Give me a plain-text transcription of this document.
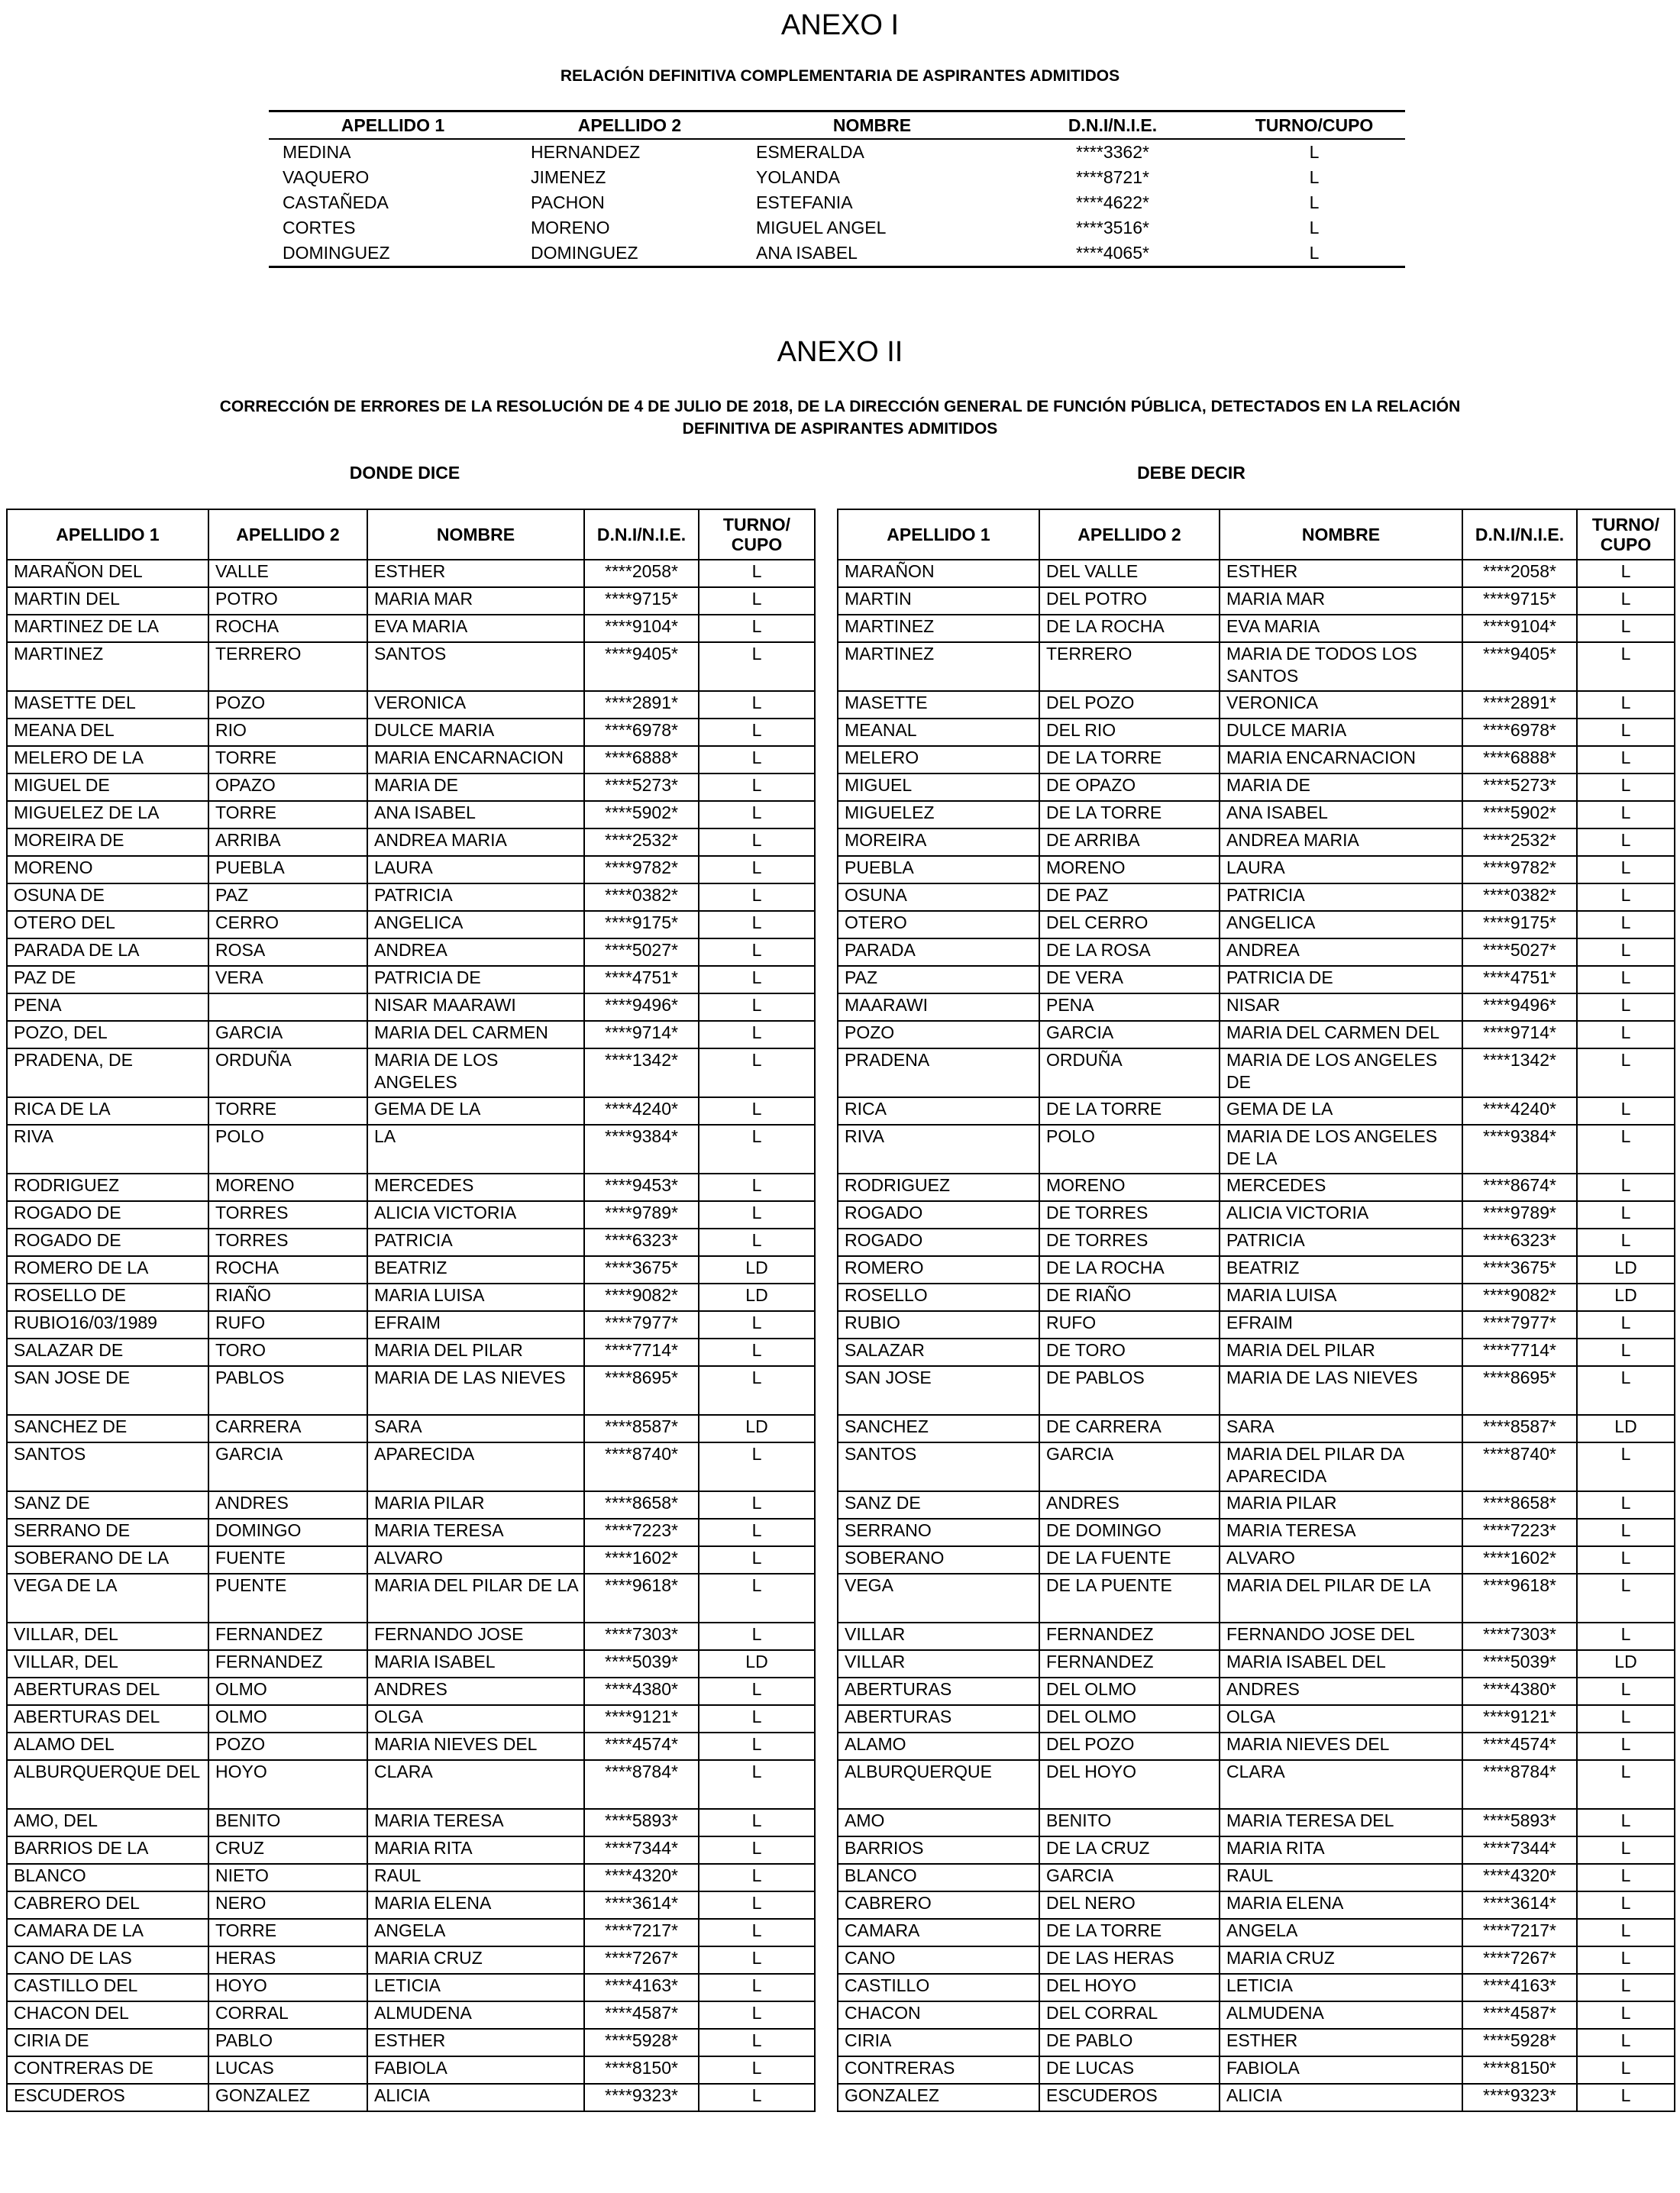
ANEXO I
RELACIÓN DEFINITIVA COMPLEMENTARIA DE ASPIRANTES ADMITIDOS
APELLIDO 1	APELLIDO 2	NOMBRE	D.N.I/N.I.E.	TURNO/CUPO
MEDINA	HERNANDEZ	ESMERALDA	****3362*	L
VAQUERO	JIMENEZ	YOLANDA	****8721*	L
CASTAÑEDA	PACHON	ESTEFANIA	****4622*	L
CORTES	MORENO	MIGUEL ANGEL	****3516*	L
DOMINGUEZ	DOMINGUEZ	ANA ISABEL	****4065*	L
ANEXO II
CORRECCIÓN DE ERRORES DE LA RESOLUCIÓN DE 4 DE JULIO DE 2018, DE LA DIRECCIÓN GENERAL DE FUNCIÓN PÚBLICA, DETECTADOS EN LA RELACIÓN
DEFINITIVA DE ASPIRANTES ADMITIDOS
DONDE DICE	DEBE DECIR
APELLIDO 1	APELLIDO 2	NOMBRE	D.N.I/N.I.E.	TURNO/ CUPO
MARAÑON DEL	VALLE	ESTHER	****2058*	L
MARTIN DEL	POTRO	MARIA MAR	****9715*	L
MARTINEZ DE LA	ROCHA	EVA MARIA	****9104*	L
MARTINEZ	TERRERO	SANTOS	****9405*	L
MASETTE DEL	POZO	VERONICA	****2891*	L
MEANA DEL	RIO	DULCE MARIA	****6978*	L
MELERO DE LA	TORRE	MARIA ENCARNACION	****6888*	L
MIGUEL DE	OPAZO	MARIA DE	****5273*	L
MIGUELEZ DE LA	TORRE	ANA ISABEL	****5902*	L
MOREIRA DE	ARRIBA	ANDREA MARIA	****2532*	L
MORENO	PUEBLA	LAURA	****9782*	L
OSUNA DE	PAZ	PATRICIA	****0382*	L
OTERO DEL	CERRO	ANGELICA	****9175*	L
PARADA DE LA	ROSA	ANDREA	****5027*	L
PAZ DE	VERA	PATRICIA DE	****4751*	L
PENA		NISAR MAARAWI	****9496*	L
POZO, DEL	GARCIA	MARIA DEL CARMEN	****9714*	L
PRADENA, DE	ORDUÑA	MARIA DE LOS ANGELES	****1342*	L
RICA DE LA	TORRE	GEMA DE LA	****4240*	L
RIVA	POLO	LA	****9384*	L
RODRIGUEZ	MORENO	MERCEDES	****9453*	L
ROGADO DE	TORRES	ALICIA VICTORIA	****9789*	L
ROGADO DE	TORRES	PATRICIA	****6323*	L
ROMERO DE LA	ROCHA	BEATRIZ	****3675*	LD
ROSELLO DE	RIAÑO	MARIA LUISA	****9082*	LD
RUBIO16/03/1989	RUFO	EFRAIM	****7977*	L
SALAZAR DE	TORO	MARIA DEL PILAR	****7714*	L
SAN JOSE DE	PABLOS	MARIA DE LAS NIEVES	****8695*	L
SANCHEZ DE	CARRERA	SARA	****8587*	LD
SANTOS	GARCIA	APARECIDA	****8740*	L
SANZ DE	ANDRES	MARIA PILAR	****8658*	L
SERRANO DE	DOMINGO	MARIA TERESA	****7223*	L
SOBERANO DE LA	FUENTE	ALVARO	****1602*	L
VEGA DE LA	PUENTE	MARIA DEL PILAR DE LA	****9618*	L
VILLAR, DEL	FERNANDEZ	FERNANDO JOSE	****7303*	L
VILLAR, DEL	FERNANDEZ	MARIA ISABEL	****5039*	LD
ABERTURAS DEL	OLMO	ANDRES	****4380*	L
ABERTURAS DEL	OLMO	OLGA	****9121*	L
ALAMO DEL	POZO	MARIA NIEVES DEL	****4574*	L
ALBURQUERQUE DEL	HOYO	CLARA	****8784*	L
AMO, DEL	BENITO	MARIA TERESA	****5893*	L
BARRIOS DE LA	CRUZ	MARIA RITA	****7344*	L
BLANCO	NIETO	RAUL	****4320*	L
CABRERO DEL	NERO	MARIA ELENA	****3614*	L
CAMARA DE LA	TORRE	ANGELA	****7217*	L
CANO DE LAS	HERAS	MARIA CRUZ	****7267*	L
CASTILLO DEL	HOYO	LETICIA	****4163*	L
CHACON DEL	CORRAL	ALMUDENA	****4587*	L
CIRIA DE	PABLO	ESTHER	****5928*	L
CONTRERAS DE	LUCAS	FABIOLA	****8150*	L
ESCUDEROS	GONZALEZ	ALICIA	****9323*	L
APELLIDO 1	APELLIDO 2	NOMBRE	D.N.I/N.I.E.	TURNO/ CUPO
MARAÑON	DEL VALLE	ESTHER	****2058*	L
MARTIN	DEL POTRO	MARIA MAR	****9715*	L
MARTINEZ	DE LA ROCHA	EVA MARIA	****9104*	L
MARTINEZ	TERRERO	MARIA DE TODOS LOS SANTOS	****9405*	L
MASETTE	DEL POZO	VERONICA	****2891*	L
MEANAL	DEL RIO	DULCE MARIA	****6978*	L
MELERO	DE LA TORRE	MARIA ENCARNACION	****6888*	L
MIGUEL	DE OPAZO	MARIA DE	****5273*	L
MIGUELEZ	DE LA TORRE	ANA ISABEL	****5902*	L
MOREIRA	DE ARRIBA	ANDREA MARIA	****2532*	L
PUEBLA	MORENO	LAURA	****9782*	L
OSUNA	DE PAZ	PATRICIA	****0382*	L
OTERO	DEL CERRO	ANGELICA	****9175*	L
PARADA	DE LA ROSA	ANDREA	****5027*	L
PAZ	DE VERA	PATRICIA DE	****4751*	L
MAARAWI	PENA	NISAR	****9496*	L
POZO	GARCIA	MARIA DEL CARMEN DEL	****9714*	L
PRADENA	ORDUÑA	MARIA DE LOS ANGELES DE	****1342*	L
RICA	DE LA TORRE	GEMA DE LA	****4240*	L
RIVA	POLO	MARIA DE LOS ANGELES DE LA	****9384*	L
RODRIGUEZ	MORENO	MERCEDES	****8674*	L
ROGADO	DE TORRES	ALICIA VICTORIA	****9789*	L
ROGADO	DE TORRES	PATRICIA	****6323*	L
ROMERO	DE LA ROCHA	BEATRIZ	****3675*	LD
ROSELLO	DE RIAÑO	MARIA LUISA	****9082*	LD
RUBIO	RUFO	EFRAIM	****7977*	L
SALAZAR	DE TORO	MARIA DEL PILAR	****7714*	L
SAN JOSE	DE PABLOS	MARIA DE LAS NIEVES	****8695*	L
SANCHEZ	DE CARRERA	SARA	****8587*	LD
SANTOS	GARCIA	MARIA DEL PILAR DA APARECIDA	****8740*	L
SANZ DE	ANDRES	MARIA PILAR	****8658*	L
SERRANO	DE DOMINGO	MARIA TERESA	****7223*	L
SOBERANO	DE LA FUENTE	ALVARO	****1602*	L
VEGA	DE LA PUENTE	MARIA DEL PILAR DE LA	****9618*	L
VILLAR	FERNANDEZ	FERNANDO JOSE DEL	****7303*	L
VILLAR	FERNANDEZ	MARIA ISABEL DEL	****5039*	LD
ABERTURAS	DEL OLMO	ANDRES	****4380*	L
ABERTURAS	DEL OLMO	OLGA	****9121*	L
ALAMO	DEL POZO	MARIA NIEVES DEL	****4574*	L
ALBURQUERQUE	DEL HOYO	CLARA	****8784*	L
AMO	BENITO	MARIA TERESA DEL	****5893*	L
BARRIOS	DE LA CRUZ	MARIA RITA	****7344*	L
BLANCO	GARCIA	RAUL	****4320*	L
CABRERO	DEL NERO	MARIA ELENA	****3614*	L
CAMARA	DE LA TORRE	ANGELA	****7217*	L
CANO	DE LAS HERAS	MARIA CRUZ	****7267*	L
CASTILLO	DEL HOYO	LETICIA	****4163*	L
CHACON	DEL CORRAL	ALMUDENA	****4587*	L
CIRIA	DE PABLO	ESTHER	****5928*	L
CONTRERAS	DE LUCAS	FABIOLA	****8150*	L
GONZALEZ	ESCUDEROS	ALICIA	****9323*	L
